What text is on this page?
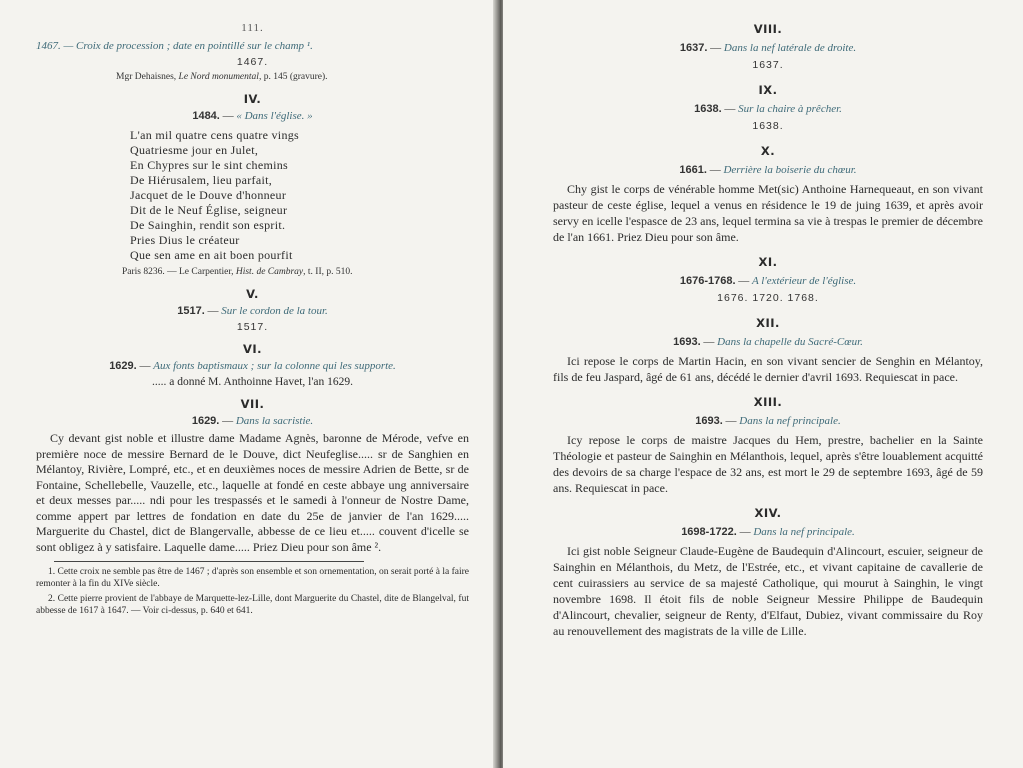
111.

1467. — Croix de procession ; date en pointillé sur le champ ¹.

1467.
Mgr Dehaisnes, Le Nord monumental, p. 145 (gravure).
IV.

1484. — « Dans l'église. »

L'an mil quatre cens quatre vings
Quatriesme jour en Julet,
En Chypres sur le sint chemins
De Hiérusalem, lieu parfait,
Jacquet de le Douve d'honneur
Dit de le Neuf Église, seigneur
De Sainghin, rendit son esprit.
Pries Dius le créateur
Que sen ame en ait boen pourfit
Paris 8236. — Le Carpentier, Hist. de Cambray, t. II, p. 510.
V.

1517. — Sur le cordon de la tour.

1517.
VI.

1629. — Aux fonts baptismaux ; sur la colonne qui les supporte.

..... a donné M. Anthoinne Havet, l'an 1629.
VII.

1629. — Dans la sacristie.

Cy devant gist noble et illustre dame Madame Agnès, baronne de Mérode, vefve en première noce de messire Bernard de le Douve, dict Neufeglise..... sr de Sanghien en Mélantoy, Rivière, Lompré, etc., et en deuxièmes noces de messire Adrien de Bette, sr de Fontaine, Schellebelle, Vauzelle, etc., laquelle at fondé en ceste abbaye ung anniversaire et deux messes par..... ndi pour les trespassés et le samedi à l'onneur de Nostre Dame, comme appert par lettres de fondation en date du 25e de janvier de l'an 1629..... Marguerite du Chastel, dict de Blangervalle, abbesse de ce lieu et..... couvent d'icelle se sont obligez à y satisfaire. Laquelle dame..... Priez Dieu pour son âme ².

1. Cette croix ne semble pas être de 1467 ; d'après son ensemble et son ornementation, on serait porté à la faire remonter à la fin du XIVe siècle.

2. Cette pierre provient de l'abbaye de Marquette-lez-Lille, dont Marguerite du Chastel, dite de Blangelval, fut abbesse de 1617 à 1647. — Voir ci-dessus, p. 640 et 641.

VIII.

1637. — Dans la nef latérale de droite.

1637.
IX.

1638. — Sur la chaire à prêcher.

1638.
X.

1661. — Derrière la boiserie du chœur.

Chy gist le corps de vénérable homme Met(sic) Anthoine Harnequeaut, en son vivant pasteur de ceste église, lequel a venus en résidence le 19 de juing 1639, et après avoir servy en icelle l'espasce de 23 ans, lequel termina sa vie à trespas le premier de décembre de l'an 1661. Priez Dieu pour son âme.

XI.

1676-1768. — A l'extérieur de l'église.

1676. 1720. 1768.
XII.

1693. — Dans la chapelle du Sacré-Cœur.

Ici repose le corps de Martin Hacin, en son vivant sencier de Senghin en Mélantoy, fils de feu Jaspard, âgé de 61 ans, décédé le dernier d'avril 1693. Requiescat in pace.

XIII.

1693. — Dans la nef principale.

Icy repose le corps de maistre Jacques du Hem, prestre, bachelier en la Sainte Théologie et pasteur de Sainghin en Mélanthois, lequel, après s'être louablement acquitté des devoirs de sa charge l'espace de 32 ans, est mort le 29 de septembre 1693, âgé de 59 ans. Requiescat in pace.

XIV.

1698-1722. — Dans la nef principale.

Ici gist noble Seigneur Claude-Eugène de Baudequin d'Alincourt, escuier, seigneur de Sainghin en Mélanthois, du Metz, de l'Estrée, etc., et vivant capitaine de cavallerie de cent cuirassiers au service de sa majesté Catholique, qui mourut à Sainghin, le vingt novembre 1698. Il étoit fils de noble Seigneur Messire Philippe de Baudequin d'Alincourt, chevalier, seigneur de Renty, d'Elfaut, Dubiez, vivant commissaire du Roy au renouvellement des magistrats de la ville de Lille.
